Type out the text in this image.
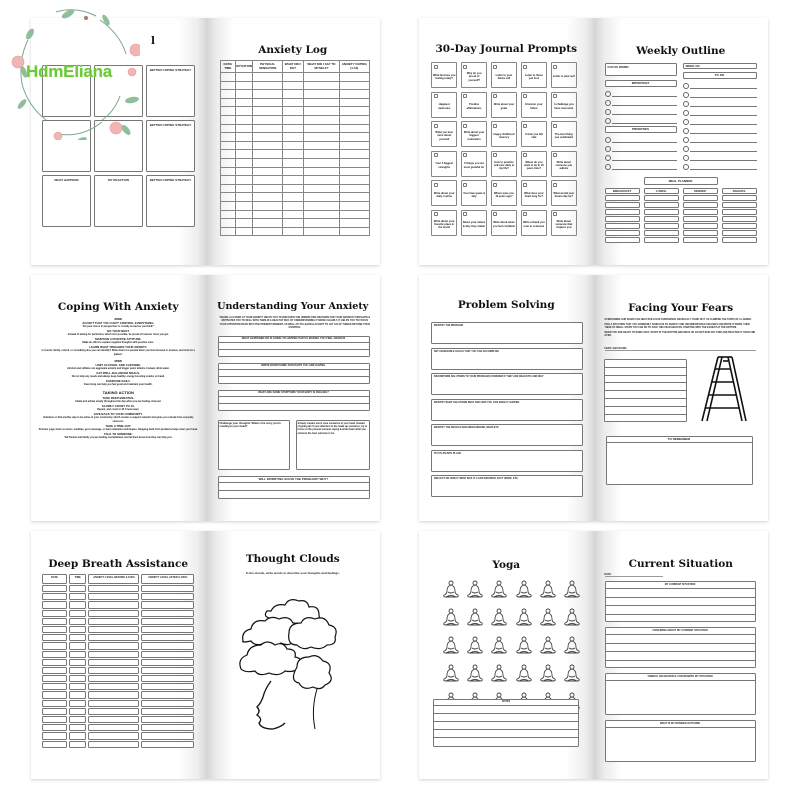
l
BETTER COPING STRATEGY
BETTER COPING STRATEGY
WHAT HAPPEND	MY REACTION	BETTER COPING STRATEGY
Anxiety Log
DATE/ TIME	SITUATION	PHYSICAL SENSATION	WHAT DID I DO?	WHAT DID I SAY TO MYSELF?	ANXIETY RATING (1-10)

30-Day Journal Prompts
What kind are you feeling today?
Why do you proud of yourself?
Letter to your future self
Letter to those you love
Letter to past self
Happiest memories
Positive affirmations
Write about your goals
Envision your future
A challenge you have overcome
What you love most about yourself
Write about your biggest motivation
Happy childhood memory
A time you felt safe
The best thing you celebrated
Your 5 biggest strengths
5 things you are most grateful for
How to practice self-care daily in my life?
Where do you want to be in 10 years time?
Write about someone you admire
Write about your daily routine
Your fave quote & why
Where were you 10 years ago?
What does your heart long for?
What would your dream day be?
Write about your favorite place in the world
Share your values & why they matter
Write about when you feel confident
Write a thank you note to someone
Write about someone that inspires you
Weekly Outline
FOCUS WORD:	WEEK OF:
TO DO
IMPORTANT
PRIORITIES
MEAL PLANNER
BREAKFAST	LUNCH	DINNER	SNACKS
Coping With Anxiety
MIND
ACCEPT THAT YOU CAN'T CONTROL EVERYTHING.
Put your stress in perspective: Is it really as bad as you think?
DO YOUR BEST.
Instead of aiming for perfection, which isn't possible, be proud of however close you get.
MAINTAIN A POSITIVE ATTITUDE.
Make an effort to replace negative thoughts with positive ones.
LEARN WHAT TRIGGERS YOUR ANXIETY.
Is it work, family, school, or something else you can identify? Write down in a journal when you feel stressed or anxious, and look for a pattern.
MIND
LIMIT ALCOHOL AND CAFFEINE.
Alcohol and caffeine can aggravate anxiety and trigger panic attacks. Instead, drink water.
EAT WELL-BALANCED MEALS.
Do not skip any meals and always keep healthy, energy-boosting snacks on hand.
EXERCISE DAILY.
Exercising can help you feel good and maintain your health.
TAKING ACTION
TAKE DEEP BREATHS.
Inhale and exhale slowly throughout the day when you are feeling stressed.
SLOWLY COUNT TO 10.
Repeat, and count to 20 if necessary.
GIVE BACK TO YOUR COMMUNITY.
Volunteer or find another way to be active in your community, which creates a support network and gives you a break from everyday stressors.
TAKE A TIME-OUT.
Practice yoga, listen to music, meditate, get a massage, or learn relaxation techniques. Stepping back from problems helps clear your head.
TALK TO SOMEONE.
Tell friends and family you are feeling overwhelmed, and let them know how they can help you.
Understanding Your Anxiety
TAKING A CLOSER AT YOUR ANXIETY HELPS YOU TO DISCOVER THE UNDERLYING REASONS FOR YOUR ANXIOUS THOUGHTS & MOTIVATES YOU TO DEAL WITH THEM IN A HEALTHY WAY. BY UNDERSTANDING IT MORE CLEARLY, IT HELPS YOU TO FOCUS YOUR ATTENTION BACK INTO THE PRESENT MOMENT, AS WELL AS TO LEARN & ACCEPT TO LET GO OF THINGS BEYOND YOUR CONTROL.
WHAT HAPPENED OR IS GOING TO HAPPEN THAT IS MAKING YOU FEEL ANXIOUS
WRITE DOWN SOME THOUGHTS YOU ARE HAVING.
WHAT ARE SOME SYMPTOMS YOUR BODY IS FEELING?
Challenge your thoughts. What is the story you're creating in your head?
Anxiety creates worst case scenarios in your head. Instead of giving all of your attention to the made up scenarios, try to focus on the present moment saying & write down what you envision the best outcome to be.
WILL WORRYING SOLVE THE PROBLEM? WHY?
Problem Solving
IDENTIFY THE PROBLEM
SET ACHIEVABLE GOALS THAT YOU CAN ACCOMPLISH
BRAINSTORM SOLUTIONS TO YOUR PROBLEM (CONSIDER IF THEY ARE REALISTIC AND WHY
IDENTIFY WHAT SOLUTIONS BEST AND HOW YOU CAN MAKE IT HAPPEN
IDENTIFY THE DETAILS WHO WHEN WHERE, WHAT,ETC.
PUT PLAN INTO PLACE
REFLECT ON HOW IT WENT WAS IT A GOD DECISION, DO IT WORK, ETC.
Facing Your Fears
OVERCOMING OUR FEARS CAN HELP BUILD OUR CONFIDENCE GRADUALLY. THINK OF IT AS CLIMBING THE STEPS OF A LADDER.
PICK A SITUATION THAT YOU COMMONLY AVOID DUE TO ANXIETY AND UNCOMFORTABLE FEELINGS AND WRITE IT DOWN. THEN THINK OF SMALL STEPS YOU CAN DO TO FACE THIS FEAR HEAD ON, STARTING WITH THE EASIEST AT THE BOTTOM.
WHEN YOU ARE READY TO WORK ON IT, START AT THE BOTTOM AND MOVE UP. DO NOT SKIP ANY STEP AND PRACTICE IT OVER AND OVER.
FEAR I AM FACING:
TO REMEMBER
Deep Breath Assistance
DATE	TIME	ANXIETY LEVEL BEFORE 0-100%	ANXIETY LEVEL AFTER 0-100%
Thought Clouds
In the clouds, write words to describe your thoughts and feelings.
Yoga
NOTES
Current Situation
DATE:
MY CURRENT SITUATION
CONCERNS ABOUT MY CURRENT SITUATION
THINGS I AM GRATEFUL FOR DESPITE MY SITUATION
WHAT IS MY DESIRED OUTCOME
HdmEliana
